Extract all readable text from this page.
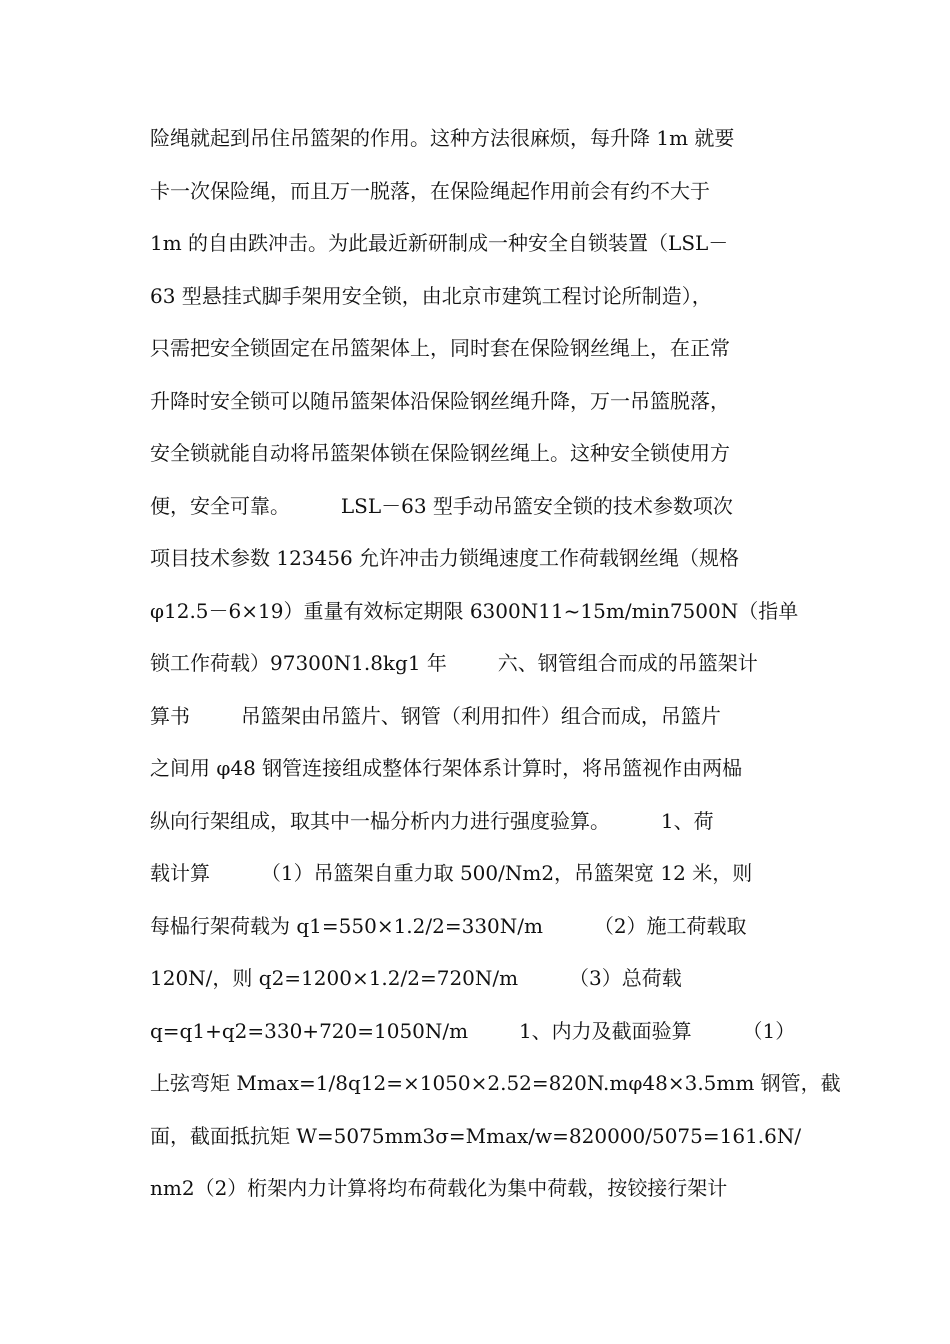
险绳就起到吊住吊篮架的作用。这种方法很麻烦，每升降 1m 就要
卡一次保险绳，而且万一脱落，在保险绳起作用前会有约不大于
1m 的自由跌冲击。为此最近新研制成一种安全自锁装置（LSL－
63 型悬挂式脚手架用安全锁，由北京市建筑工程讨论所制造），
只需把安全锁固定在吊篮架体上，同时套在保险钢丝绳上，在正常
升降时安全锁可以随吊篮架体沿保险钢丝绳升降，万一吊篮脱落，
安全锁就能自动将吊篮架体锁在保险钢丝绳上。这种安全锁使用方
便，安全可靠。        LSL－63 型手动吊篮安全锁的技术参数项次
项目技术参数 123456 允许冲击力锁绳速度工作荷载钢丝绳（规格
φ12.5－6×19）重量有效标定期限 6300N11~15m/min7500N（指单
锁工作荷载）97300N1.8kg1 年        六、钢管组合而成的吊篮架计
算书        吊篮架由吊篮片、钢管（利用扣件）组合而成，吊篮片
之间用 φ48 钢管连接组成整体行架体系计算时，将吊篮视作由两榀
纵向行架组成，取其中一榀分析内力进行强度验算。        1、荷
载计算        （1）吊篮架自重力取 500/Nm2，吊篮架宽 12 米，则
每榀行架荷载为 q1=550×1.2/2=330N/m        （2）施工荷载取
120N/，则 q2=1200×1.2/2=720N/m        （3）总荷载
q=q1+q2=330+720=1050N/m        1、内力及截面验算        （1）
上弦弯矩 Mmax=1/8q12=×1050×2.52=820N.mφ48×3.5mm 钢管，截
面，截面抵抗矩 W=5075mm3σ=Mmax/w=820000/5075=161.6N/
nm2（2）桁架内力计算将均布荷载化为集中荷载，按铰接行架计
